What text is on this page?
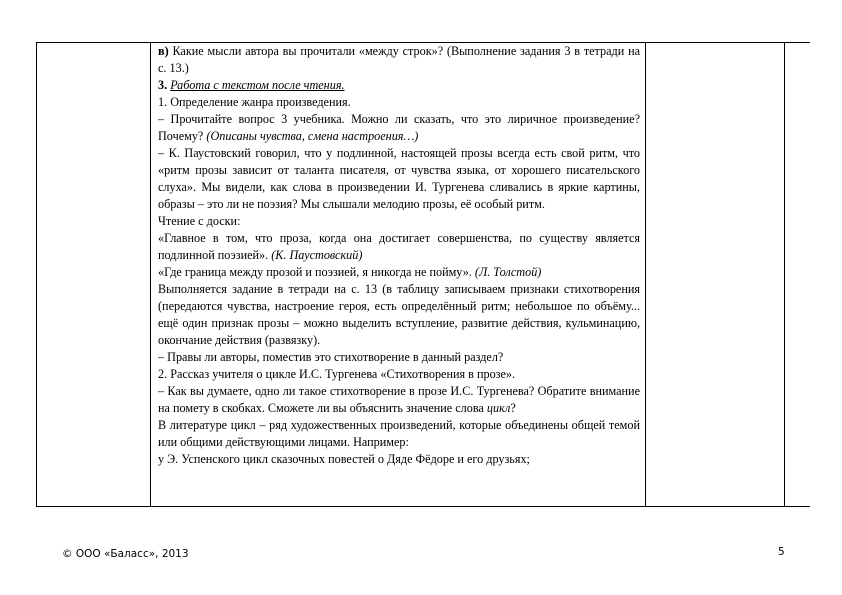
в) Какие мысли автора вы прочитали «между строк»? (Выполнение задания 3 в тетради на с. 13.)

3. Работа с текстом после чтения.

1. Определение жанра произведения.

– Прочитайте вопрос 3 учебника. Можно ли сказать, что это лиричное произведение? Почему? (Описаны чувства, смена настроения…)

– К. Паустовский говорил, что у подлинной, настоящей прозы всегда есть свой ритм, что «ритм прозы зависит от таланта писателя, от чувства языка, от хорошего писательского слуха». Мы видели, как слова в произведении И. Тургенева сливались в яркие картины, образы – это ли не поэзия? Мы слышали мелодию прозы, её особый ритм.

Чтение с доски:

«Главное в том, что проза, когда она достигает совершенства, по существу является подлинной поэзией». (К. Паустовский)

«Где граница между прозой и поэзией, я никогда не пойму». (Л. Толстой)

Выполняется задание в тетради на с. 13 (в таблицу записываем признаки стихотворения (передаются чувства, настроение героя, есть определённый ритм; небольшое по объёму... ещё один признак прозы – можно выделить вступление, развитие действия, кульминацию, окончание действия (развязку).

– Правы ли авторы, поместив это стихотворение в данный раздел?

2. Рассказ учителя о цикле И.С. Тургенева «Стихотворения в прозе».

– Как вы думаете, одно ли такое стихотворение в прозе И.С. Тургенева? Обратите внимание на помету в скобках. Сможете ли вы объяснить значение слова цикл?

В литературе цикл – ряд художественных произведений, которые объединены общей темой или общими действующими лицами. Например:

у Э. Успенского цикл сказочных повестей о Дяде Фёдоре и его друзьях;

© ООО «Баласс», 2013	5
